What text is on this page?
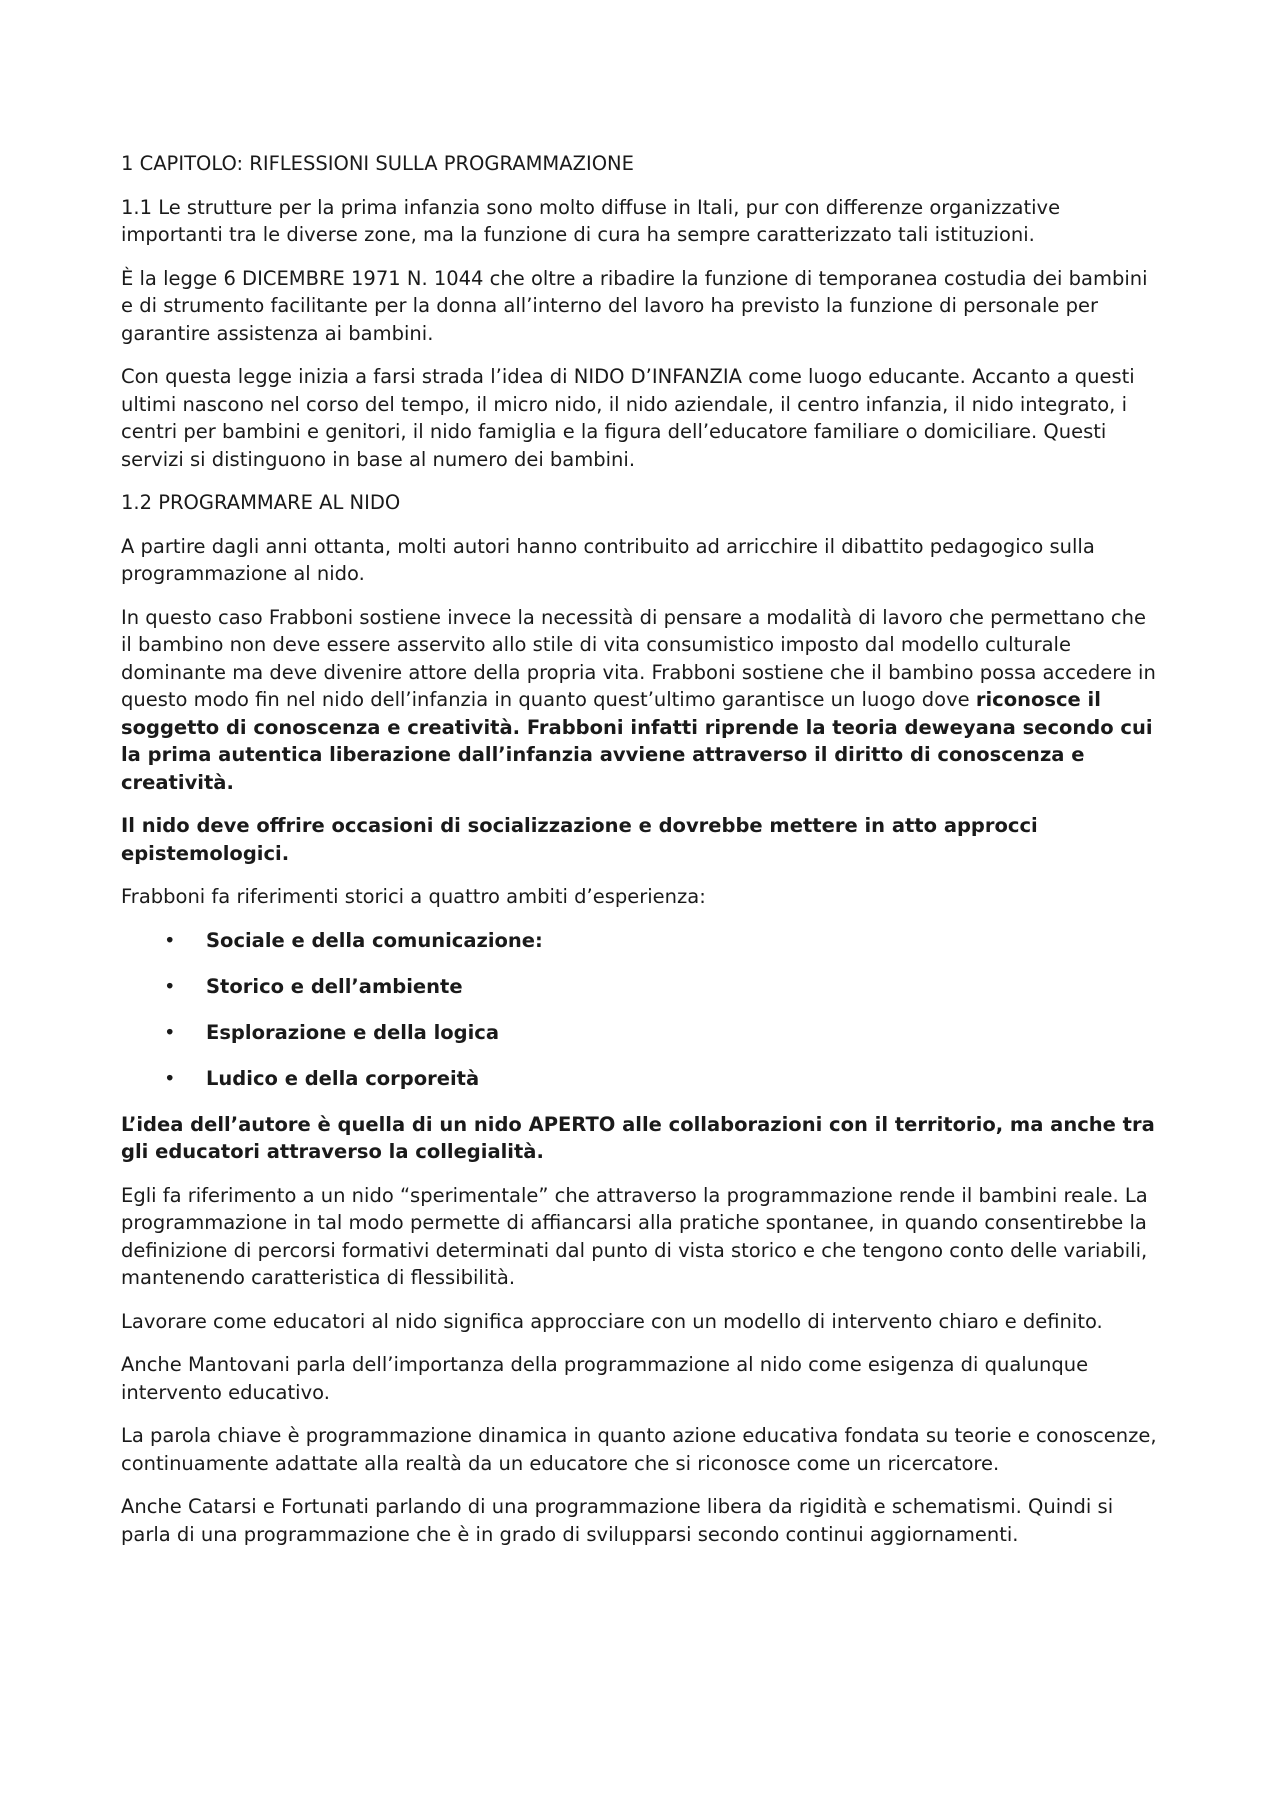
1 CAPITOLO: RIFLESSIONI SULLA PROGRAMMAZIONE

1.1 Le strutture per la prima infanzia sono molto diffuse in Itali, pur con differenze organizzative importanti tra le diverse zone, ma la funzione di cura ha sempre caratterizzato tali istituzioni.

È la legge 6 DICEMBRE 1971 N. 1044 che oltre a ribadire la funzione di temporanea costudia dei bambini e di strumento facilitante per la donna all’interno del lavoro ha previsto la funzione di personale per garantire assistenza ai bambini.

Con questa legge inizia a farsi strada l’idea di NIDO D’INFANZIA come luogo educante. Accanto a questi ultimi nascono nel corso del tempo, il micro nido, il nido aziendale, il centro infanzia, il nido integrato, i centri per bambini e genitori, il nido famiglia e la figura dell’educatore familiare o domiciliare. Questi servizi si distinguono in base al numero dei bambini.

1.2 PROGRAMMARE AL NIDO

A partire dagli anni ottanta, molti autori hanno contribuito ad arricchire il dibattito pedagogico sulla programmazione al nido.

In questo caso Frabboni sostiene invece la necessità di pensare a modalità di lavoro che permettano che il bambino non deve essere asservito allo stile di vita consumistico imposto dal modello culturale dominante ma deve divenire attore della propria vita. Frabboni sostiene che il bambino possa accedere in questo modo fin nel nido dell’infanzia in quanto quest’ultimo garantisce un luogo dove riconosce il soggetto di conoscenza e creatività. Frabboni infatti riprende la teoria deweyana secondo cui la prima autentica liberazione dall’infanzia avviene attraverso il diritto di conoscenza e creatività.

Il nido deve offrire occasioni di socializzazione e dovrebbe mettere in atto approcci epistemologici.

Frabboni fa riferimenti storici a quattro ambiti d’esperienza:

• Sociale e della comunicazione:
• Storico e dell’ambiente
• Esplorazione e della logica
• Ludico e della corporeità

L’idea dell’autore è quella di un nido APERTO alle collaborazioni con il territorio, ma anche tra gli educatori attraverso la collegialità.

Egli fa riferimento a un nido “sperimentale” che attraverso la programmazione rende il bambini reale. La programmazione in tal modo permette di affiancarsi alla pratiche spontanee, in quando consentirebbe la definizione di percorsi formativi determinati dal punto di vista storico e che tengono conto delle variabili, mantenendo caratteristica di flessibilità.

Lavorare come educatori al nido significa approcciare con un modello di intervento chiaro e definito.

Anche Mantovani parla dell’importanza della programmazione al nido come esigenza di qualunque intervento educativo.

La parola chiave è programmazione dinamica in quanto azione educativa fondata su teorie e conoscenze, continuamente adattate alla realtà da un educatore che si riconosce come un ricercatore.

Anche Catarsi e Fortunati parlando di una programmazione libera da rigidità e schematismi. Quindi si parla di una programmazione che è in grado di svilupparsi secondo continui aggiornamenti.
